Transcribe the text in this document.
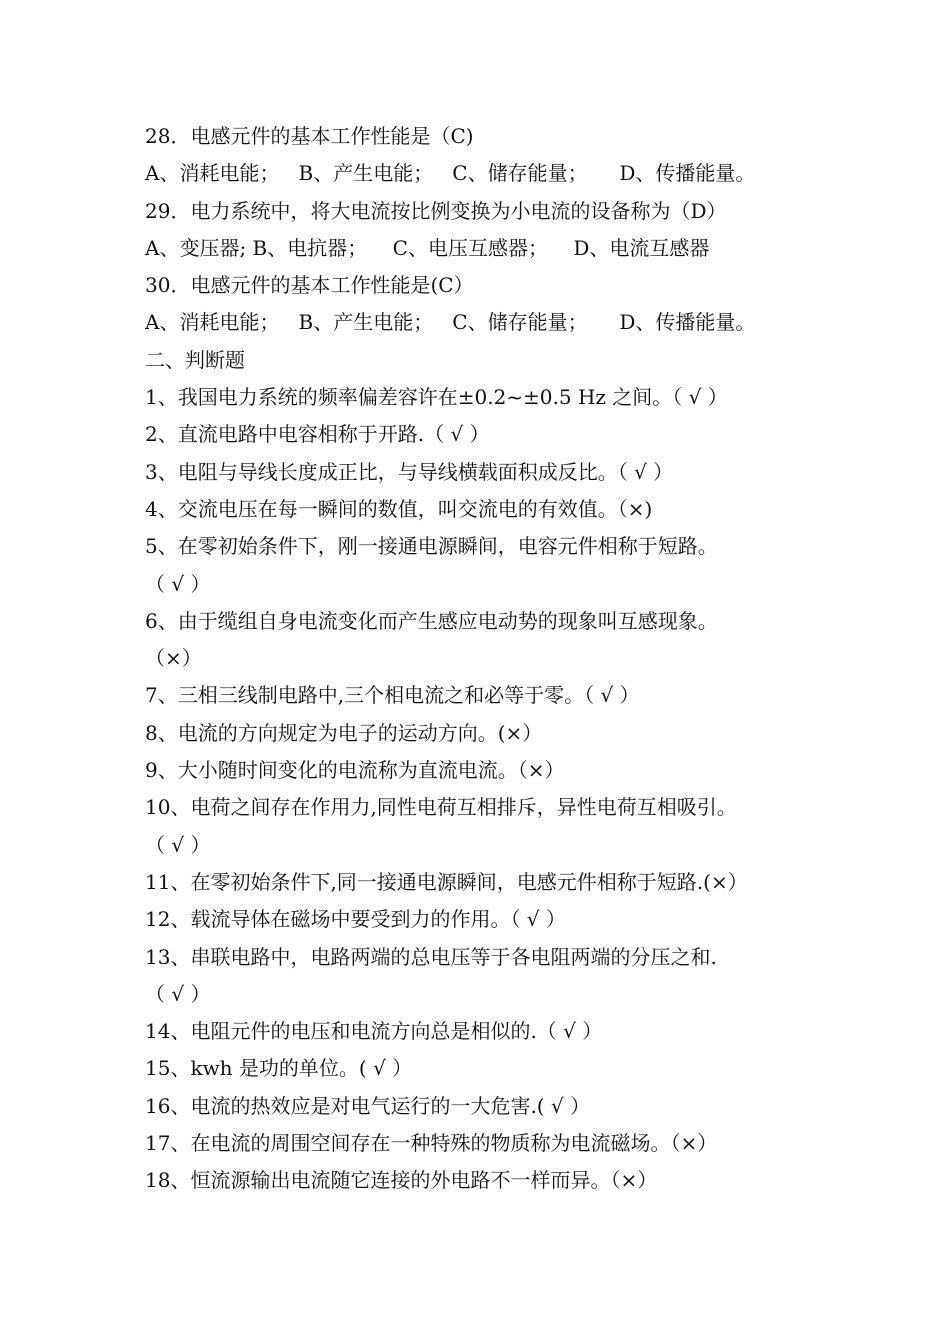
28．电感元件的基本工作性能是（C)
A、消耗电能；   B、产生电能；   C、储存能量；     D、传播能量。
29．电力系统中，将大电流按比例变换为小电流的设备称为（D）
A、变压器; B、电抗器；    C、电压互感器；    D、电流互感器
30．电感元件的基本工作性能是(C）
A、消耗电能；   B、产生电能；   C、储存能量；     D、传播能量。
二、判断题
1、我国电力系统的频率偏差容许在±0.2~±0.5 Hz 之间。（ √ ）
2、直流电路中电容相称于开路.（ √ ）
3、电阻与导线长度成正比，与导线横载面积成反比。（ √ ）
4、交流电压在每一瞬间的数值，叫交流电的有效值。（×)
5、在零初始条件下，刚一接通电源瞬间，电容元件相称于短路。
（ √ ）
6、由于缆组自身电流变化而产生感应电动势的现象叫互感现象。
（×）
7、三相三线制电路中,三个相电流之和必等于零。（ √ ）
8、电流的方向规定为电子的运动方向。(×）
9、大小随时间变化的电流称为直流电流。（×）
10、电荷之间存在作用力,同性电荷互相排斥，异性电荷互相吸引。
（ √ ）
11、在零初始条件下,同一接通电源瞬间，电感元件相称于短路.(×）
12、载流导体在磁场中要受到力的作用。（ √ ）
13、串联电路中，电路两端的总电压等于各电阻两端的分压之和.
（ √ ）
14、电阻元件的电压和电流方向总是相似的.（ √ ）
15、kwh 是功的单位。( √ ）
16、电流的热效应是对电气运行的一大危害.( √ ）
17、在电流的周围空间存在一种特殊的物质称为电流磁场。（×）
18、恒流源输出电流随它连接的外电路不一样而异。（×）
